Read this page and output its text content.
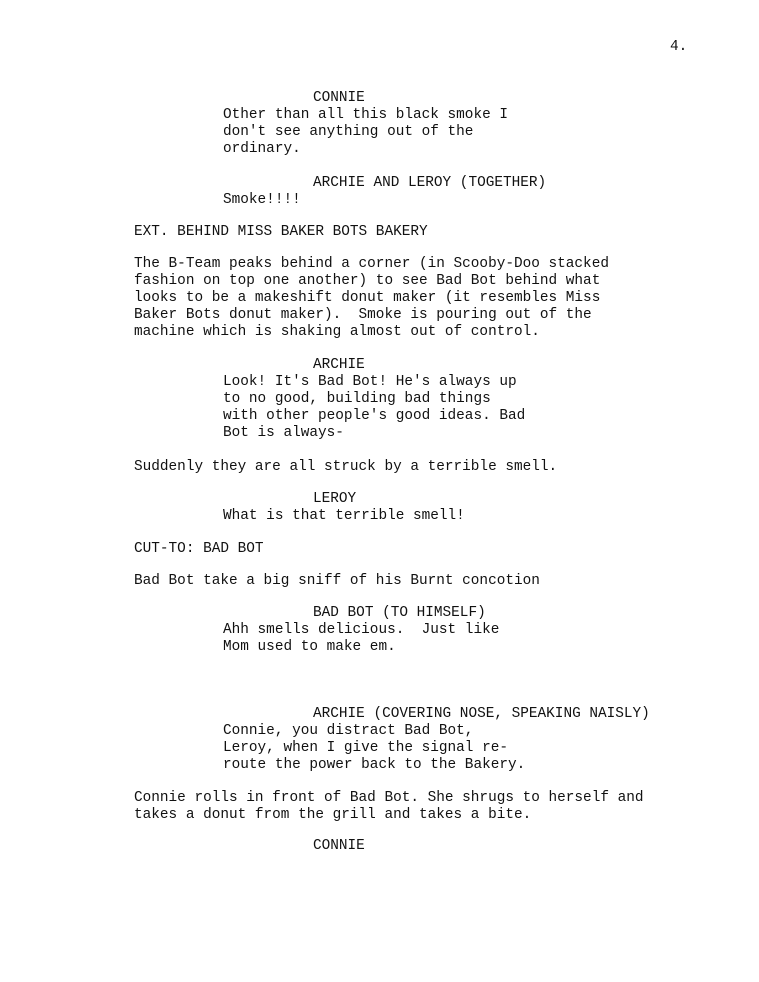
4.
CONNIE
Other than all this black smoke I
don't see anything out of the
ordinary.
ARCHIE AND LEROY (TOGETHER)
Smoke!!!!
EXT. BEHIND MISS BAKER BOTS BAKERY
The B-Team peaks behind a corner (in Scooby-Doo stacked
fashion on top one another) to see Bad Bot behind what
looks to be a makeshift donut maker (it resembles Miss
Baker Bots donut maker).  Smoke is pouring out of the
machine which is shaking almost out of control.
ARCHIE
Look! It's Bad Bot! He's always up
to no good, building bad things
with other people's good ideas. Bad
Bot is always-
Suddenly they are all struck by a terrible smell.
LEROY
What is that terrible smell!
CUT-TO: BAD BOT
Bad Bot take a big sniff of his Burnt concotion
BAD BOT (TO HIMSELF)
Ahh smells delicious.  Just like
Mom used to make em.
ARCHIE (COVERING NOSE, SPEAKING NAISLY)
Connie, you distract Bad Bot,
Leroy, when I give the signal re-
route the power back to the Bakery.
Connie rolls in front of Bad Bot. She shrugs to herself and
takes a donut from the grill and takes a bite.
CONNIE
